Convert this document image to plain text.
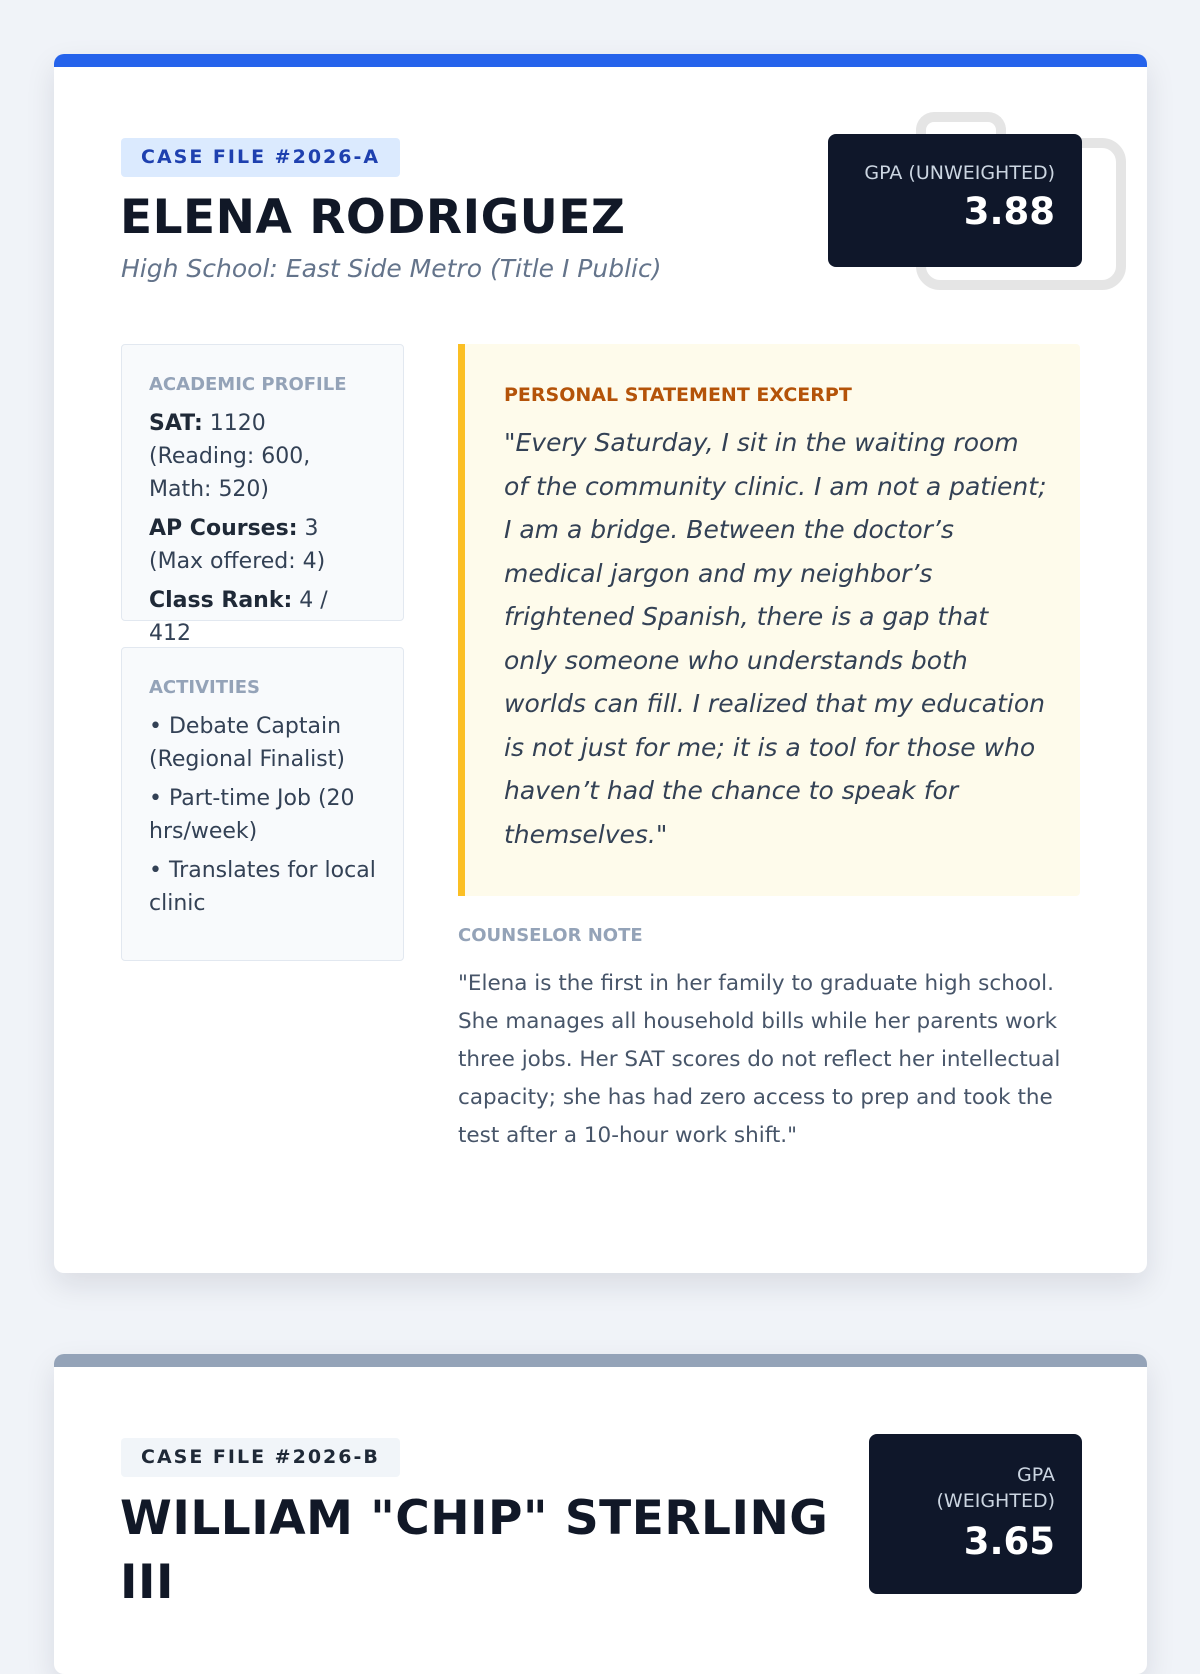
CASE FILE #2026-A
ELENA RODRIGUEZ
High School: East Side Metro (Title I Public)
GPA (UNWEIGHTED)
3.88
ACADEMIC PROFILE
SAT: 1120 (Reading: 600, Math: 520)
AP Courses: 3 (Max offered: 4)
Class Rank: 4 / 412
ACTIVITIES
• Debate Captain (Regional Finalist)
• Part-time Job (20 hrs/week)
• Translates for local clinic
PERSONAL STATEMENT EXCERPT
"Every Saturday, I sit in the waiting room of the community clinic. I am not a patient; I am a bridge. Between the doctor’s medical jargon and my neighbor’s frightened Spanish, there is a gap that only someone who understands both worlds can fill. I realized that my education is not just for me; it is a tool for those who haven’t had the chance to speak for themselves."
COUNSELOR NOTE
"Elena is the first in her family to graduate high school. She manages all household bills while her parents work three jobs. Her SAT scores do not reflect her intellectual capacity; she has had zero access to prep and took the test after a 10-hour work shift."
CASE FILE #2026-B
WILLIAM "CHIP" STERLING III
GPA (WEIGHTED)
3.65
